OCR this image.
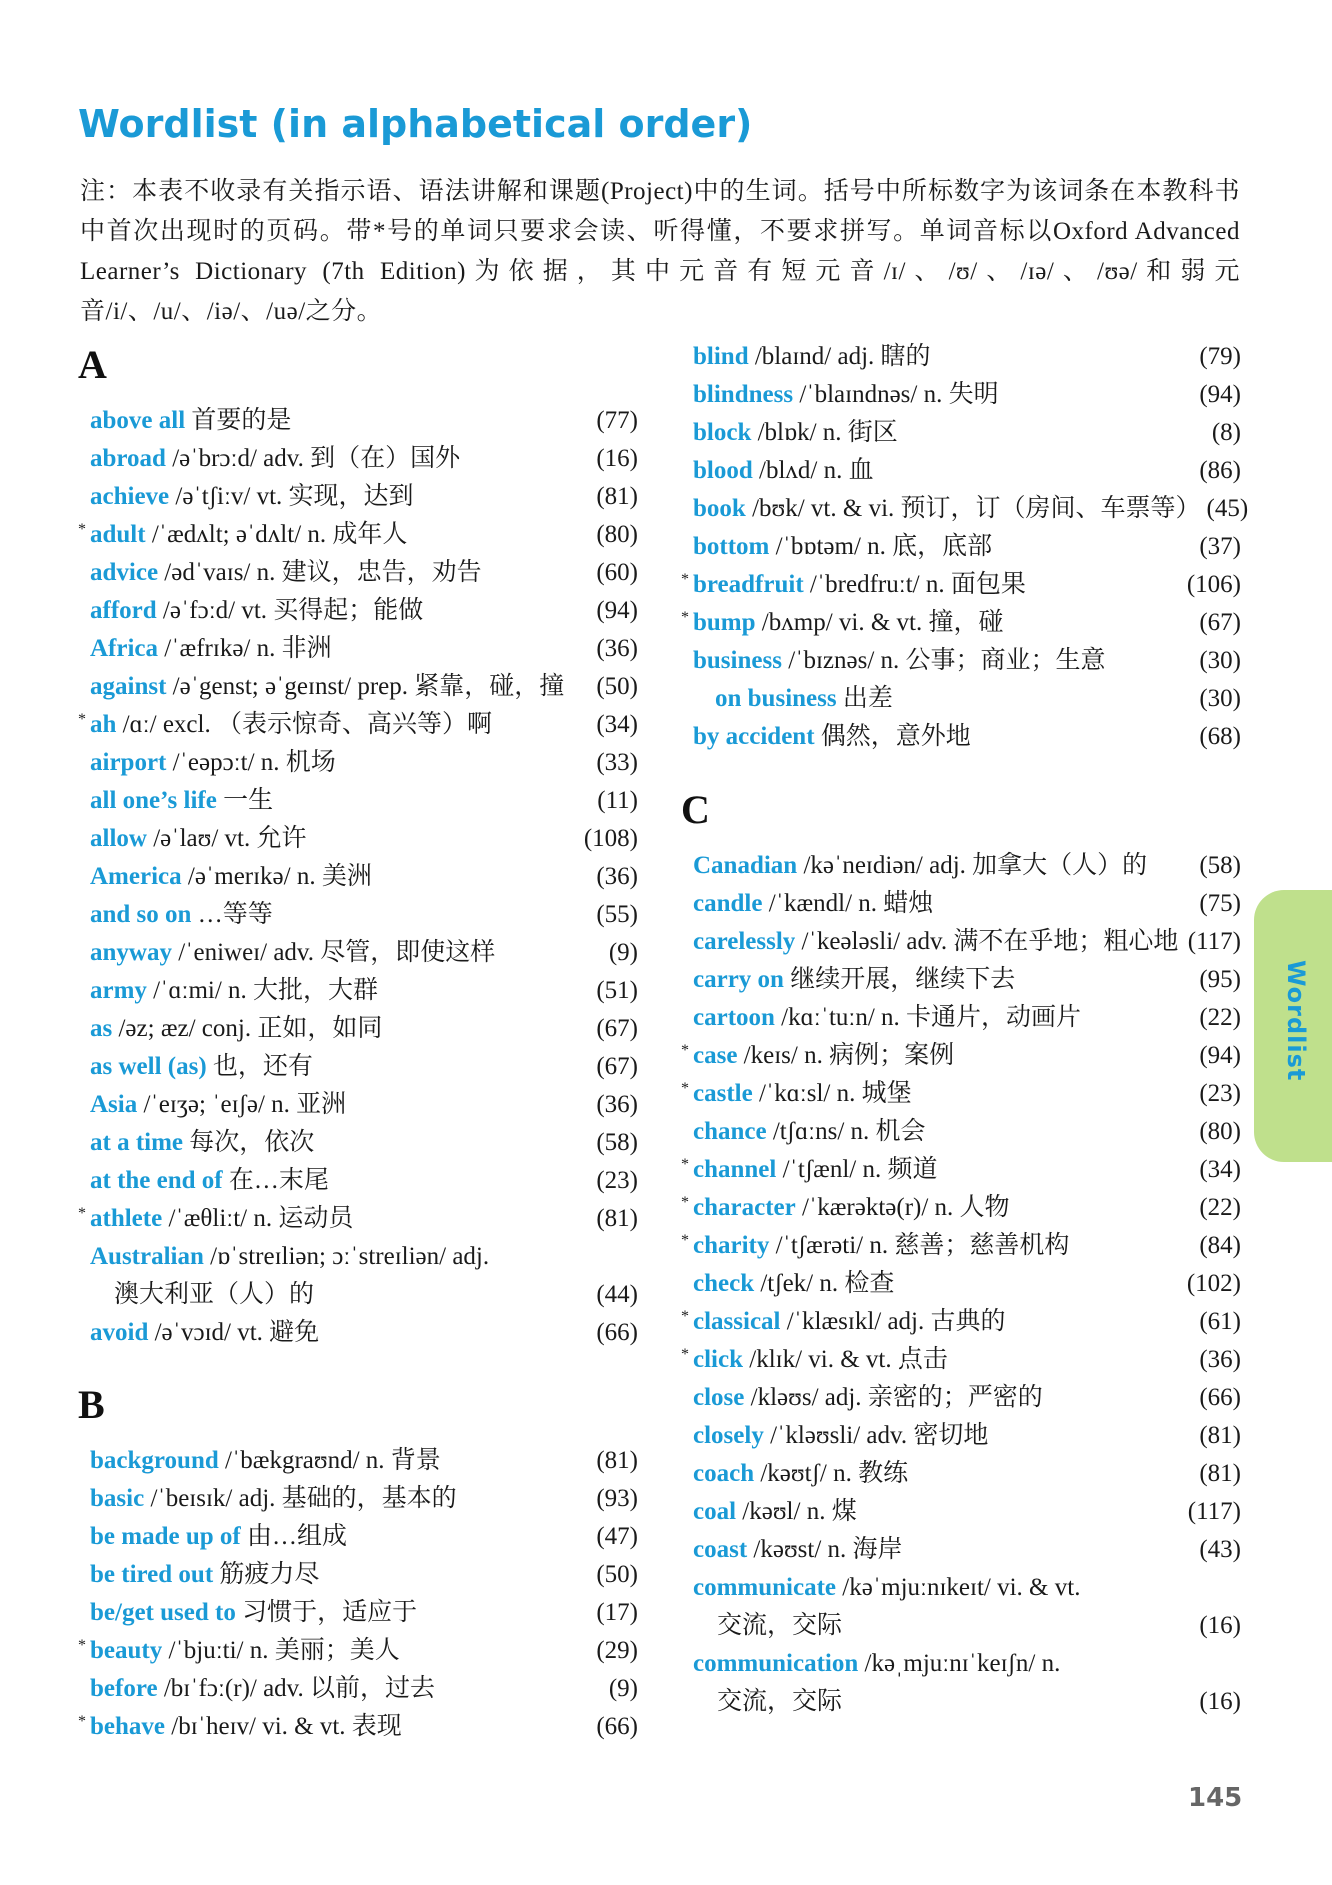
Wordlist (in alphabetical order)

注：本表不收录有关指示语、语法讲解和课题(Project)中的生词。括号中所标数字为该词条在本教科书中首次出现时的页码。带*号的单词只要求会读、听得懂，不要求拼写。单词音标以Oxford Advanced Learner’s Dictionary (7th Edition)为依据，其中元音有短元音/ɪ/、/ʊ/、/ɪə/、/ʊə/和弱元音/i/、/u/、/iə/、/uə/之分。

A
above all 首要的是	(77)
abroad /əˈbrɔːd/ adv. 到（在）国外	(16)
achieve /əˈtʃiːv/ vt. 实现，达到	(81)
* adult /ˈædʌlt; əˈdʌlt/ n. 成年人	(80)
advice /ədˈvaɪs/ n. 建议，忠告，劝告	(60)
afford /əˈfɔːd/ vt. 买得起；能做	(94)
Africa /ˈæfrɪkə/ n. 非洲	(36)
against /əˈgenst; əˈgeɪnst/ prep. 紧靠，碰，撞 (50)
* ah /ɑː/ excl. （表示惊奇、高兴等）啊	(34)
airport /ˈeəpɔːt/ n. 机场	(33)
all one’s life 一生	(11)
allow /əˈlaʊ/ vt. 允许	(108)
America /əˈmerɪkə/ n. 美洲	(36)
and so on …等等	(55)
anyway /ˈeniweɪ/ adv. 尽管，即使这样	(9)
army /ˈɑːmi/ n. 大批，大群	(51)
as /əz; æz/ conj. 正如，如同	(67)
as well (as) 也，还有	(67)
Asia /ˈeɪʒə; ˈeɪʃə/ n. 亚洲	(36)
at a time 每次，依次	(58)
at the end of 在…末尾	(23)
* athlete /ˈæθliːt/ n. 运动员	(81)
Australian /ɒˈstreɪliən; ɔːˈstreɪliən/ adj.
澳大利亚（人）的	(44)
avoid /əˈvɔɪd/ vt. 避免	(66)
B
background /ˈbækgraʊnd/ n. 背景	(81)
basic /ˈbeɪsɪk/ adj. 基础的，基本的	(93)
be made up of 由…组成	(47)
be tired out 筋疲力尽	(50)
be/get used to 习惯于，适应于	(17)
* beauty /ˈbjuːti/ n. 美丽；美人	(29)
before /bɪˈfɔː(r)/ adv. 以前，过去	(9)
* behave /bɪˈheɪv/ vi. & vt. 表现	(66)
blind /blaɪnd/ adj. 瞎的	(79)
blindness /ˈblaɪndnəs/ n. 失明	(94)
block /blɒk/ n. 街区	(8)
blood /blʌd/ n. 血	(86)
book /bʊk/ vt. & vi. 预订，订（房间、车票等） (45)
bottom /ˈbɒtəm/ n. 底，底部	(37)
* breadfruit /ˈbredfruːt/ n. 面包果	(106)
* bump /bʌmp/ vi. & vt. 撞，碰	(67)
business /ˈbɪznəs/ n. 公事；商业；生意	(30)
on business 出差	(30)
by accident 偶然，意外地	(68)
C
Canadian /kəˈneɪdiən/ adj. 加拿大（人）的 (58)
candle /ˈkændl/ n. 蜡烛	(75)
carelessly /ˈkeələsli/ adv. 满不在乎地；粗心地 (117)
carry on 继续开展，继续下去	(95)
cartoon /kɑːˈtuːn/ n. 卡通片，动画片	(22)
* case /keɪs/ n. 病例；案例	(94)
* castle /ˈkɑːsl/ n. 城堡	(23)
chance /tʃɑːns/ n. 机会	(80)
* channel /ˈtʃænl/ n. 频道	(34)
* character /ˈkærəktə(r)/ n. 人物	(22)
* charity /ˈtʃærəti/ n. 慈善；慈善机构	(84)
check /tʃek/ n. 检查	(102)
* classical /ˈklæsɪkl/ adj. 古典的	(61)
* click /klɪk/ vi. & vt. 点击	(36)
close /kləʊs/ adj. 亲密的；严密的	(66)
closely /ˈkləʊsli/ adv. 密切地	(81)
coach /kəʊtʃ/ n. 教练	(81)
coal /kəʊl/ n. 煤	(117)
coast /kəʊst/ n. 海岸	(43)
communicate /kəˈmjuːnɪkeɪt/ vi. & vt.
交流，交际	(16)
communication /kəˌmjuːnɪˈkeɪʃn/ n.
交流，交际	(16)
Wordlist
145
